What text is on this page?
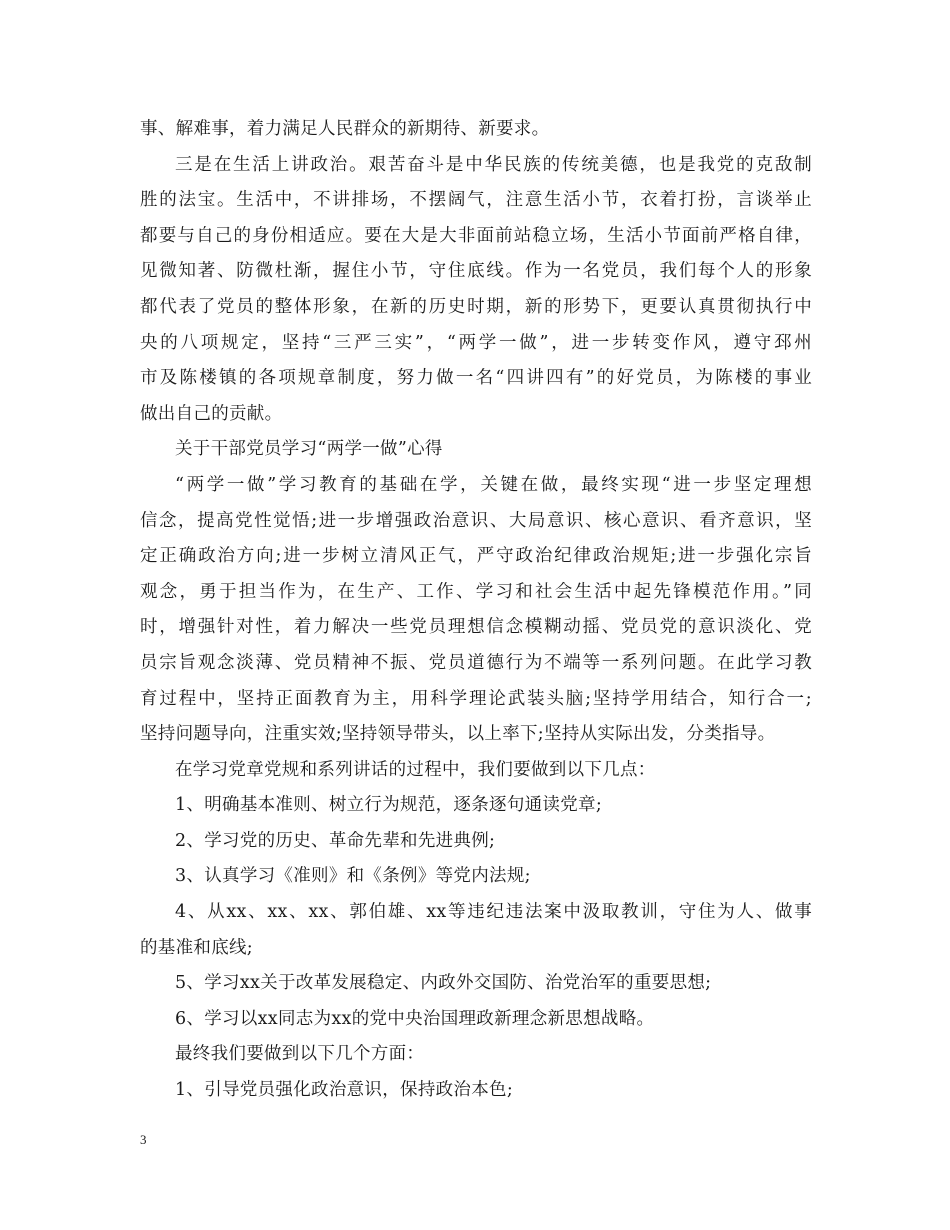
事、解难事，着力满足人民群众的新期待、新要求。
三是在生活上讲政治。艰苦奋斗是中华民族的传统美德，也是我党的克敌制
胜的法宝。生活中，不讲排场，不摆阔气，注意生活小节，衣着打扮，言谈举止
都要与自己的身份相适应。要在大是大非面前站稳立场，生活小节面前严格自律，
见微知著、防微杜渐，握住小节，守住底线。作为一名党员，我们每个人的形象
都代表了党员的整体形象，在新的历史时期，新的形势下，更要认真贯彻执行中
央的八项规定，坚持“三严三实”，“两学一做”，进一步转变作风，遵守邳州
市及陈楼镇的各项规章制度，努力做一名“四讲四有”的好党员，为陈楼的事业
做出自己的贡献。
关于干部党员学习“两学一做”心得
“两学一做”学习教育的基础在学，关键在做，最终实现“进一步坚定理想
信念，提高党性觉悟;进一步增强政治意识、大局意识、核心意识、看齐意识，坚
定正确政治方向;进一步树立清风正气，严守政治纪律政治规矩;进一步强化宗旨
观念，勇于担当作为，在生产、工作、学习和社会生活中起先锋模范作用。”同
时，增强针对性，着力解决一些党员理想信念模糊动摇、党员党的意识淡化、党
员宗旨观念淡薄、党员精神不振、党员道德行为不端等一系列问题。在此学习教
育过程中，坚持正面教育为主，用科学理论武装头脑;坚持学用结合，知行合一;
坚持问题导向，注重实效;坚持领导带头，以上率下;坚持从实际出发，分类指导。
在学习党章党规和系列讲话的过程中，我们要做到以下几点：
1、明确基本准则、树立行为规范，逐条逐句通读党章;
2、学习党的历史、革命先辈和先进典例;
3、认真学习《准则》和《条例》等党内法规;
4、从xx、xx、xx、郭伯雄、xx等违纪违法案中汲取教训，守住为人、做事
的基准和底线;
5、学习xx关于改革发展稳定、内政外交国防、治党治军的重要思想;
6、学习以xx同志为xx的党中央治国理政新理念新思想战略。
最终我们要做到以下几个方面：
1、引导党员强化政治意识，保持政治本色;
3
